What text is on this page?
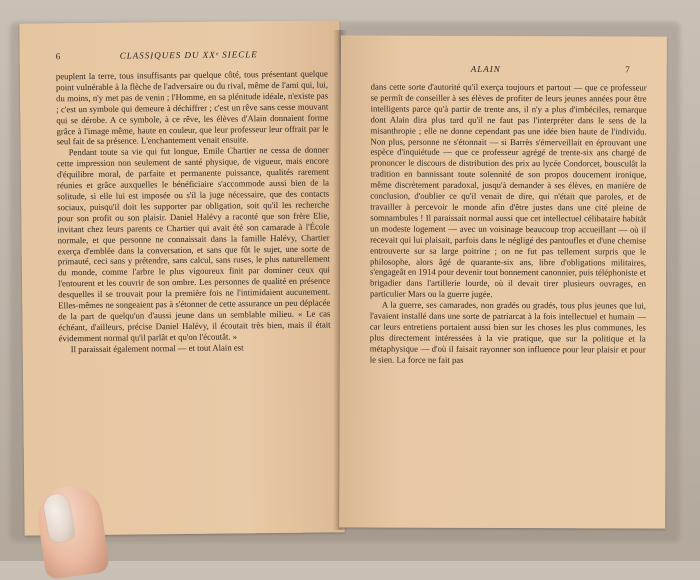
6	CLASSIQUES DU XXᵉ SIECLE

peuplent la terre, tous insuffisants par quelque côté, tous présentant quelque point vulnérable à la flèche de l'adversaire ou du rival, même de l'ami qui, lui, du moins, n'y met pas de venin ; l'Homme, en sa plénitude idéale, n'existe pas ; c'est un symbole qui demeure à déchiffrer ; c'est un rêve sans cesse mouvant qui se dérobe. A ce symbole, à ce rêve, les élèves d'Alain donnaient forme grâce à l'image même, haute en couleur, que leur professeur leur offrait par le seul fait de sa présence. L'enchantement venait ensuite.

Pendant toute sa vie qui fut longue, Emile Chartier ne cessa de donner cette impression non seulement de santé physique, de vigueur, mais encore d'équilibre moral, de parfaite et permanente puissance, qualités rarement réunies et grâce auxquelles le bénéficiaire s'accommode aussi bien de la solitude, si elle lui est imposée ou s'il la juge nécessaire, que des contacts sociaux, puisqu'il doit les supporter par obligation, soit qu'il les recherche pour son profit ou son plaisir. Daniel Halévy a raconté que son frère Elie, invitant chez leurs parents ce Chartier qui avait été son camarade à l'École normale, et que personne ne connaissait dans la famille Halévy, Chartier exerça d'emblée dans la conversation, et sans que fût le sujet, une sorte de primauté, ceci sans y prétendre, sans calcul, sans ruses, le plus naturellement du monde, comme l'arbre le plus vigoureux finit par dominer ceux qui l'entourent et les couvrir de son ombre. Les personnes de qualité en présence desquelles il se trouvait pour la première fois ne l'intimidaient aucunement. Elles-mêmes ne songeaient pas à s'étonner de cette assurance un peu déplacée de la part de quelqu'un d'aussi jeune dans un semblable milieu. « Le cas échéant, d'ailleurs, précise Daniel Halévy, il écoutait très bien, mais il était évidemment normal qu'il parlât et qu'on l'écoutât. »

Il paraissait également normal — et tout Alain est

ALAIN	7

dans cette sorte d'autorité qu'il exerça toujours et partout — que ce professeur se permît de conseiller à ses élèves de profiter de leurs jeunes années pour être intelligents parce qu'à partir de trente ans, il n'y a plus d'imbéciles, remarque dont Alain dira plus tard qu'il ne faut pas l'interpréter dans le sens de la misanthropie ; elle ne donne cependant pas une idée bien haute de l'individu. Non plus, personne ne s'étonnait — si Barrès s'émerveillait en éprouvant une espèce d'inquiétude — que ce professeur agrégé de trente-six ans chargé de prononcer le discours de distribution des prix au lycée Condorcet, bousculât la tradition en bannissant toute solennité de son propos doucement ironique, même discrètement paradoxal, jusqu'à demander à ses élèves, en manière de conclusion, d'oublier ce qu'il venait de dire, qui n'était que paroles, et de travailler à percevoir le monde afin d'être justes dans une cité pleine de somnambules ! Il paraissait normal aussi que cet intellectuel célibataire habitât un modeste logement — avec un voisinage beaucoup trop accueillant — où il recevait qui lui plaisait, parfois dans le négligé des pantoufles et d'une chemise entrouverte sur sa large poitrine ; on ne fut pas tellement surpris que le philosophe, alors âgé de quarante-six ans, libre d'obligations militaires, s'engageât en 1914 pour devenir tout bonnement canonnier, puis téléphoniste et brigadier dans l'artillerie lourde, où il devait tirer plusieurs ouvrages, en particulier Mars ou la guerre jugée.

A la guerre, ses camarades, non gradés ou gradés, tous plus jeunes que lui, l'avaient installé dans une sorte de patriarcat à la fois intellectuel et humain — car leurs entretiens portaient aussi bien sur les choses les plus communes, les plus directement intéressées à la vie pratique, que sur la politique et la métaphysique — d'où il faisait rayonner son influence pour leur plaisir et pour le sien. La force ne fait pas
